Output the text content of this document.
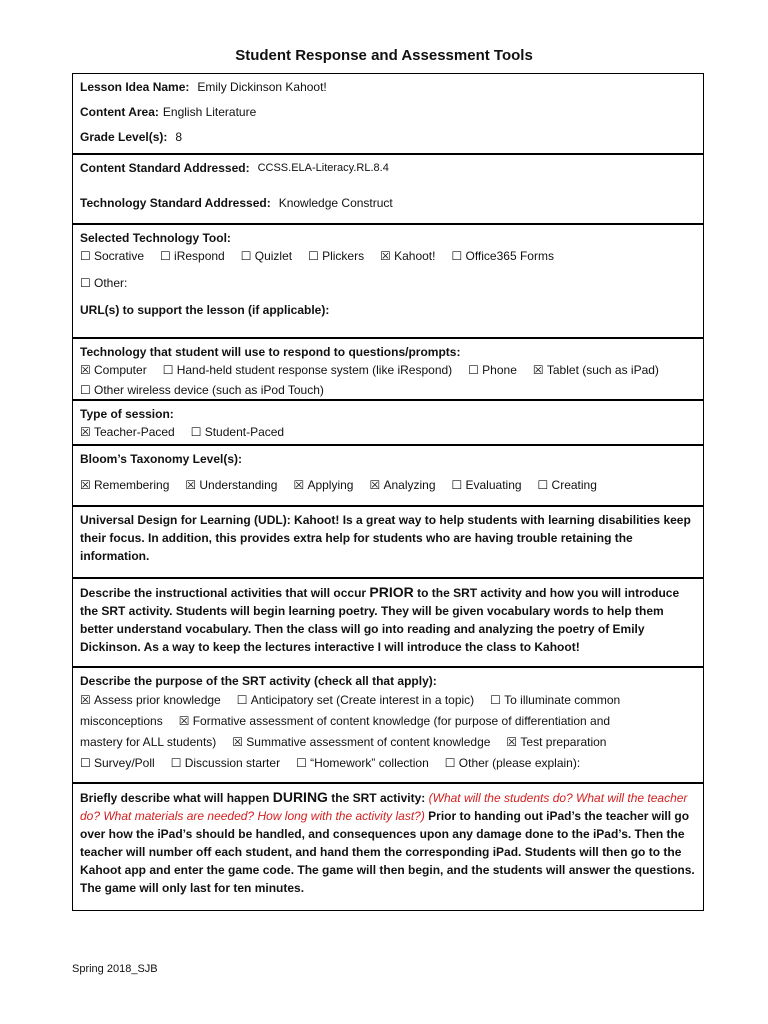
Student Response and Assessment Tools
Lesson Idea Name: Emily Dickinson Kahoot!
Content Area: English Literature
Grade Level(s): 8
Content Standard Addressed: CCSS.ELA-Literacy.RL.8.4
Technology Standard Addressed: Knowledge Construct
Selected Technology Tool:
☐ Socrative ☐ iRespond ☐ Quizlet ☐ Plickers ☒ Kahoot! ☐ Office365 Forms
☐ Other:
URL(s) to support the lesson (if applicable):
Technology that student will use to respond to questions/prompts:
☒ Computer ☐ Hand-held student response system (like iRespond) ☐ Phone ☒ Tablet (such as iPad)
☐ Other wireless device (such as iPod Touch)
Type of session:
☒ Teacher-Paced ☐ Student-Paced
Bloom’s Taxonomy Level(s):
☒ Remembering ☒ Understanding ☒ Applying ☒ Analyzing ☐ Evaluating ☐ Creating
Universal Design for Learning (UDL): Kahoot! Is a great way to help students with learning disabilities keep their focus. In addition, this provides extra help for students who are having trouble retaining the information.
Describe the instructional activities that will occur PRIOR to the SRT activity and how you will introduce the SRT activity. Students will begin learning poetry. They will be given vocabulary words to help them better understand vocabulary. Then the class will go into reading and analyzing the poetry of Emily Dickinson. As a way to keep the lectures interactive I will introduce the class to Kahoot!
Describe the purpose of the SRT activity (check all that apply):
☒ Assess prior knowledge ☐ Anticipatory set (Create interest in a topic) ☐ To illuminate common
misconceptions ☒ Formative assessment of content knowledge (for purpose of differentiation and
mastery for ALL students) ☒ Summative assessment of content knowledge ☒ Test preparation
☐ Survey/Poll ☐ Discussion starter ☐ “Homework” collection ☐ Other (please explain):
Briefly describe what will happen DURING the SRT activity: (What will the students do? What will the teacher do? What materials are needed? How long with the activity last?) Prior to handing out iPad’s the teacher will go over how the iPad’s should be handled, and consequences upon any damage done to the iPad’s. Then the teacher will number off each student, and hand them the corresponding iPad. Students will then go to the Kahoot app and enter the game code. The game will then begin, and the students will answer the questions. The game will only last for ten minutes.
Spring 2018_SJB
